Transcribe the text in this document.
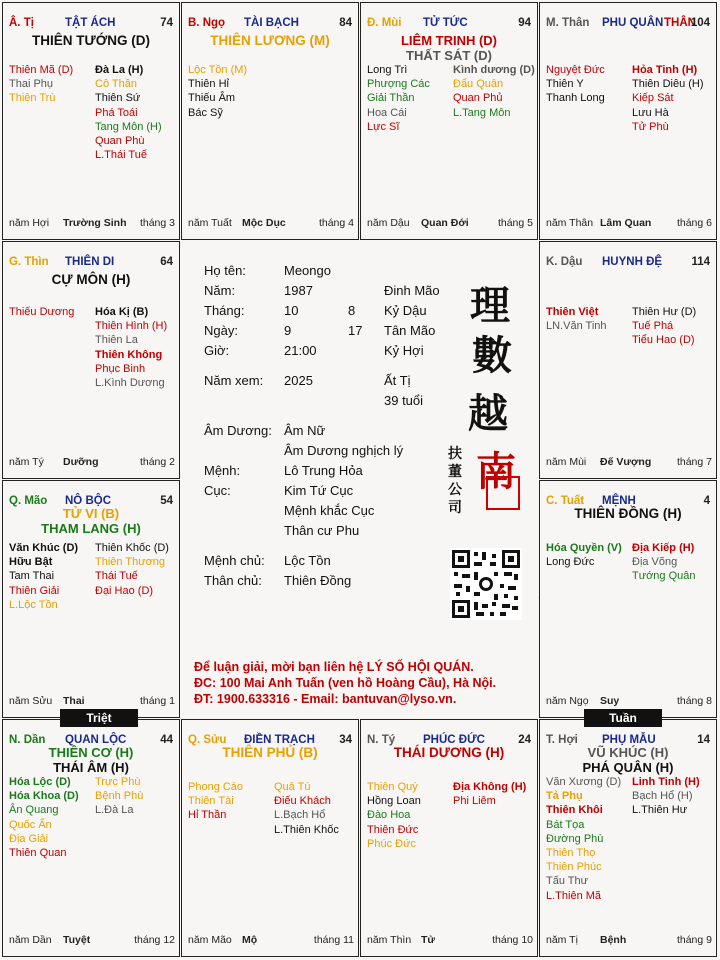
Â. Tị	TẬT ÁCH	74
THIÊN TƯỚNG (D)
Thiên Mã (D)
Thai Phụ
Thiên Trù
Đà La (H)
Cô Thần
Thiên Sứ
Phá Toái
Tang Môn (H)
Quan Phù
L.Thái Tuế
năm Hợi Trường Sinh tháng 3
B. Ngọ TÀI BẠCH	84
THIÊN LƯƠNG (M)
Lộc Tồn (M)
Thiên Hỉ
Thiếu Âm
Bác Sỹ
năm Tuất Mộc Dục	tháng 4
Đ. Mùi TỬ TỨC	94
LIÊM TRINH (D)
THẤT SÁT (D)
Long Trì
Phượng Các
Giải Thần
Hoa Cái
Lực Sĩ
Kình dương (D)
Đẩu Quân
Quan Phủ
L.Tang Môn
năm Dậu Quan Đới	tháng 5
M. Thân PHU QUÂN THÂN
104
Nguyệt Đức
Thiên Y
Thanh Long
Hỏa Tinh (H)
Thiên Diêu (H)
Kiếp Sát
Lưu Hà
Tử Phù
năm Thân Lâm Quan tháng 6
G. Thìn THIÊN DI	64
CỰ MÔN (H)
Thiếu Dương Hóa Kị (B)
Thiên Hình (H)
Thiên La
Thiên Không
Phục Binh
L.Kình Dương
năm Tý Dưỡng	tháng 2
K. Dậu HUYNH ĐỆ	114
Thiên Việt
LN.Văn Tinh
Thiên Hư (D)
Tuế Phá
Tiểu Hao (D)
năm Mùi Đế Vượng tháng 7
Q. Mão NÔ BỘC	54
TỬ VI (B)
THAM LANG (H)
Văn Khúc (D)
Hữu Bật
Tam Thai
Thiên Giải
L.Lộc Tồn
Thiên Khốc (D)
Thiên Thương
Thái Tuế
Đại Hao (D)
năm Sửu Thai	tháng 1
C. Tuất MỆNH	4
THIÊN ĐỒNG (H)
Hóa Quyền (V)
Long Đức
Địa Kiếp (H)
Địa Võng
Tướng Quân
năm Ngọ Suy	tháng 8
N. Dần QUAN LỘC	44
THIÊN CƠ (H)
THÁI ÂM (H)
Hóa Lộc (D)
Hóa Khoa (D)
Ân Quang
Quốc Ấn
Địa Giải
Thiên Quan
Trực Phù
Bệnh Phù
L.Đà La
năm Dần Tuyệt	tháng 12
Q. Sửu ĐIỀN TRẠCH 34
THIÊN PHỦ (B)
Phong Cáo
Thiên Tài
Hỉ Thần
Quả Tú
Điếu Khách
L.Bạch Hổ
L.Thiên Khốc
năm Mão Mộ	tháng 11
N. Tý PHÚC ĐỨC	24
THÁI DƯƠNG (H)
Thiên Quý
Hồng Loan
Đào Hoa
Thiên Đức
Phúc Đức
Địa Không (H)
Phi Liêm
năm Thìn Tử	tháng 10
T. Hợi PHỤ MẪU	14
VŨ KHÚC (H)
PHÁ QUÂN (H)
Văn Xương (D)
Tả Phụ
Thiên Khôi
Bát Tọa
Đường Phù
Thiên Thọ
Thiên Phúc
Tấu Thư
L.Thiên Mã
Linh Tinh (H)
Bạch Hổ (H)
L.Thiên Hư
năm Tị Bệnh	tháng 9
Họ tên:	Meongo
Năm:	1987	Đinh Mão
Tháng:	10	8 Kỷ Dậu
Ngày:	9	17 Tân Mão
Giờ:	21:00	Kỷ Hợi
Năm xem: 2025	Ất Tị
39 tuổi
Âm Dương: Âm Nữ
Âm Dương nghịch lý
Mệnh:	Lô Trung Hỏa
Cục:	Kim Tứ Cục
Mệnh khắc Cục
Thân cư Phu
Mệnh chủ: Lộc Tồn
Thân chủ: Thiên Đồng
理
數
越
南
扶董公司
Để luận giải, mời bạn liên hệ LÝ SỐ HỘI QUÁN.
ĐC: 100 Mai Anh Tuấn (ven hồ Hoàng Cầu), Hà Nội.
ĐT: 1900.633316 - Email: bantuvan@lyso.vn.
Triệt	Tuần
